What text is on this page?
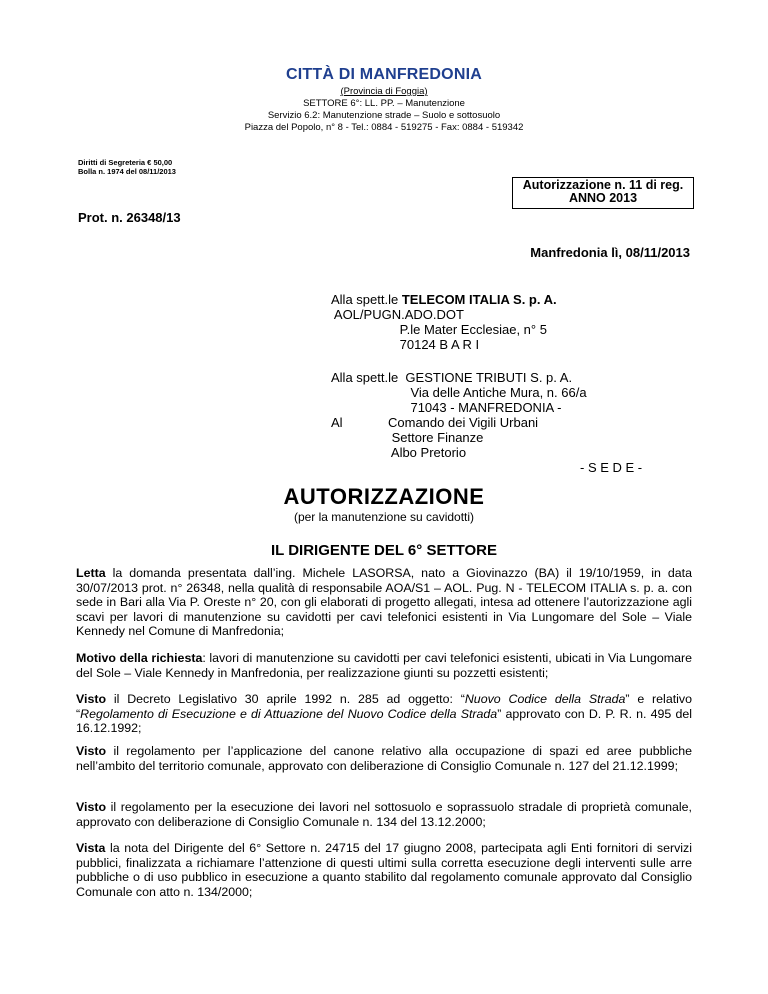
CITTÀ DI MANFREDONIA
(Provincia di Foggia)
SETTORE 6°: LL. PP. – Manutenzione
Servizio 6.2: Manutenzione strade – Suolo e sottosuolo
Piazza del Popolo, n° 8 - Tel.: 0884 - 519275 - Fax: 0884 - 519342
Diritti di Segreteria € 50,00
Bolla n. 1974 del 08/11/2013
Autorizzazione n. 11 di reg.
ANNO 2013
Prot. n. 26348/13
Manfredonia lì, 08/11/2013
Alla spett.le TELECOM ITALIA S. p. A.
AOL/PUGN.ADO.DOT
P.le Mater Ecclesiae, n° 5
70124 B A R I
Alla spett.le  GESTIONE TRIBUTI S. p. A.
Via delle Antiche Mura, n. 66/a
71043 - MANFREDONIA -
Al	Comando dei Vigili Urbani
Settore Finanze
Albo Pretorio
- S E D E -
AUTORIZZAZIONE
(per la manutenzione su cavidotti)
IL DIRIGENTE DEL 6° SETTORE
Letta la domanda presentata dall’ing. Michele LASORSA, nato a Giovinazzo (BA) il 19/10/1959, in data 30/07/2013 prot. n° 26348, nella qualità di responsabile AOA/S1 – AOL. Pug. N - TELECOM ITALIA s. p. a. con sede in Bari alla Via P. Oreste n° 20, con gli elaborati di progetto allegati, intesa ad ottenere l’autorizzazione agli scavi per lavori di manutenzione su cavidotti per cavi telefonici esistenti in Via Lungomare del Sole – Viale Kennedy nel Comune di Manfredonia;
Motivo della richiesta: lavori di manutenzione su cavidotti per cavi telefonici esistenti, ubicati in Via Lungomare del Sole – Viale Kennedy in Manfredonia, per realizzazione giunti su pozzetti esistenti;
Visto il Decreto Legislativo 30 aprile 1992 n. 285 ad oggetto: “Nuovo Codice della Strada” e relativo “Regolamento di Esecuzione e di Attuazione del Nuovo Codice della Strada” approvato con D. P. R. n. 495 del 16.12.1992;
Visto il regolamento per l’applicazione del canone relativo alla occupazione di spazi ed aree pubbliche nell’ambito del territorio comunale, approvato con deliberazione di Consiglio Comunale n. 127 del 21.12.1999;
Visto il regolamento per la esecuzione dei lavori nel sottosuolo e soprassuolo stradale di proprietà comunale, approvato con deliberazione di Consiglio Comunale n. 134 del 13.12.2000;
Vista la nota del Dirigente del 6° Settore n. 24715 del 17 giugno 2008, partecipata agli Enti fornitori di servizi pubblici, finalizzata a richiamare l’attenzione di questi ultimi sulla corretta esecuzione degli interventi sulle arre pubbliche o di uso pubblico in esecuzione a quanto stabilito dal regolamento comunale approvato dal Consiglio Comunale con atto n. 134/2000;
